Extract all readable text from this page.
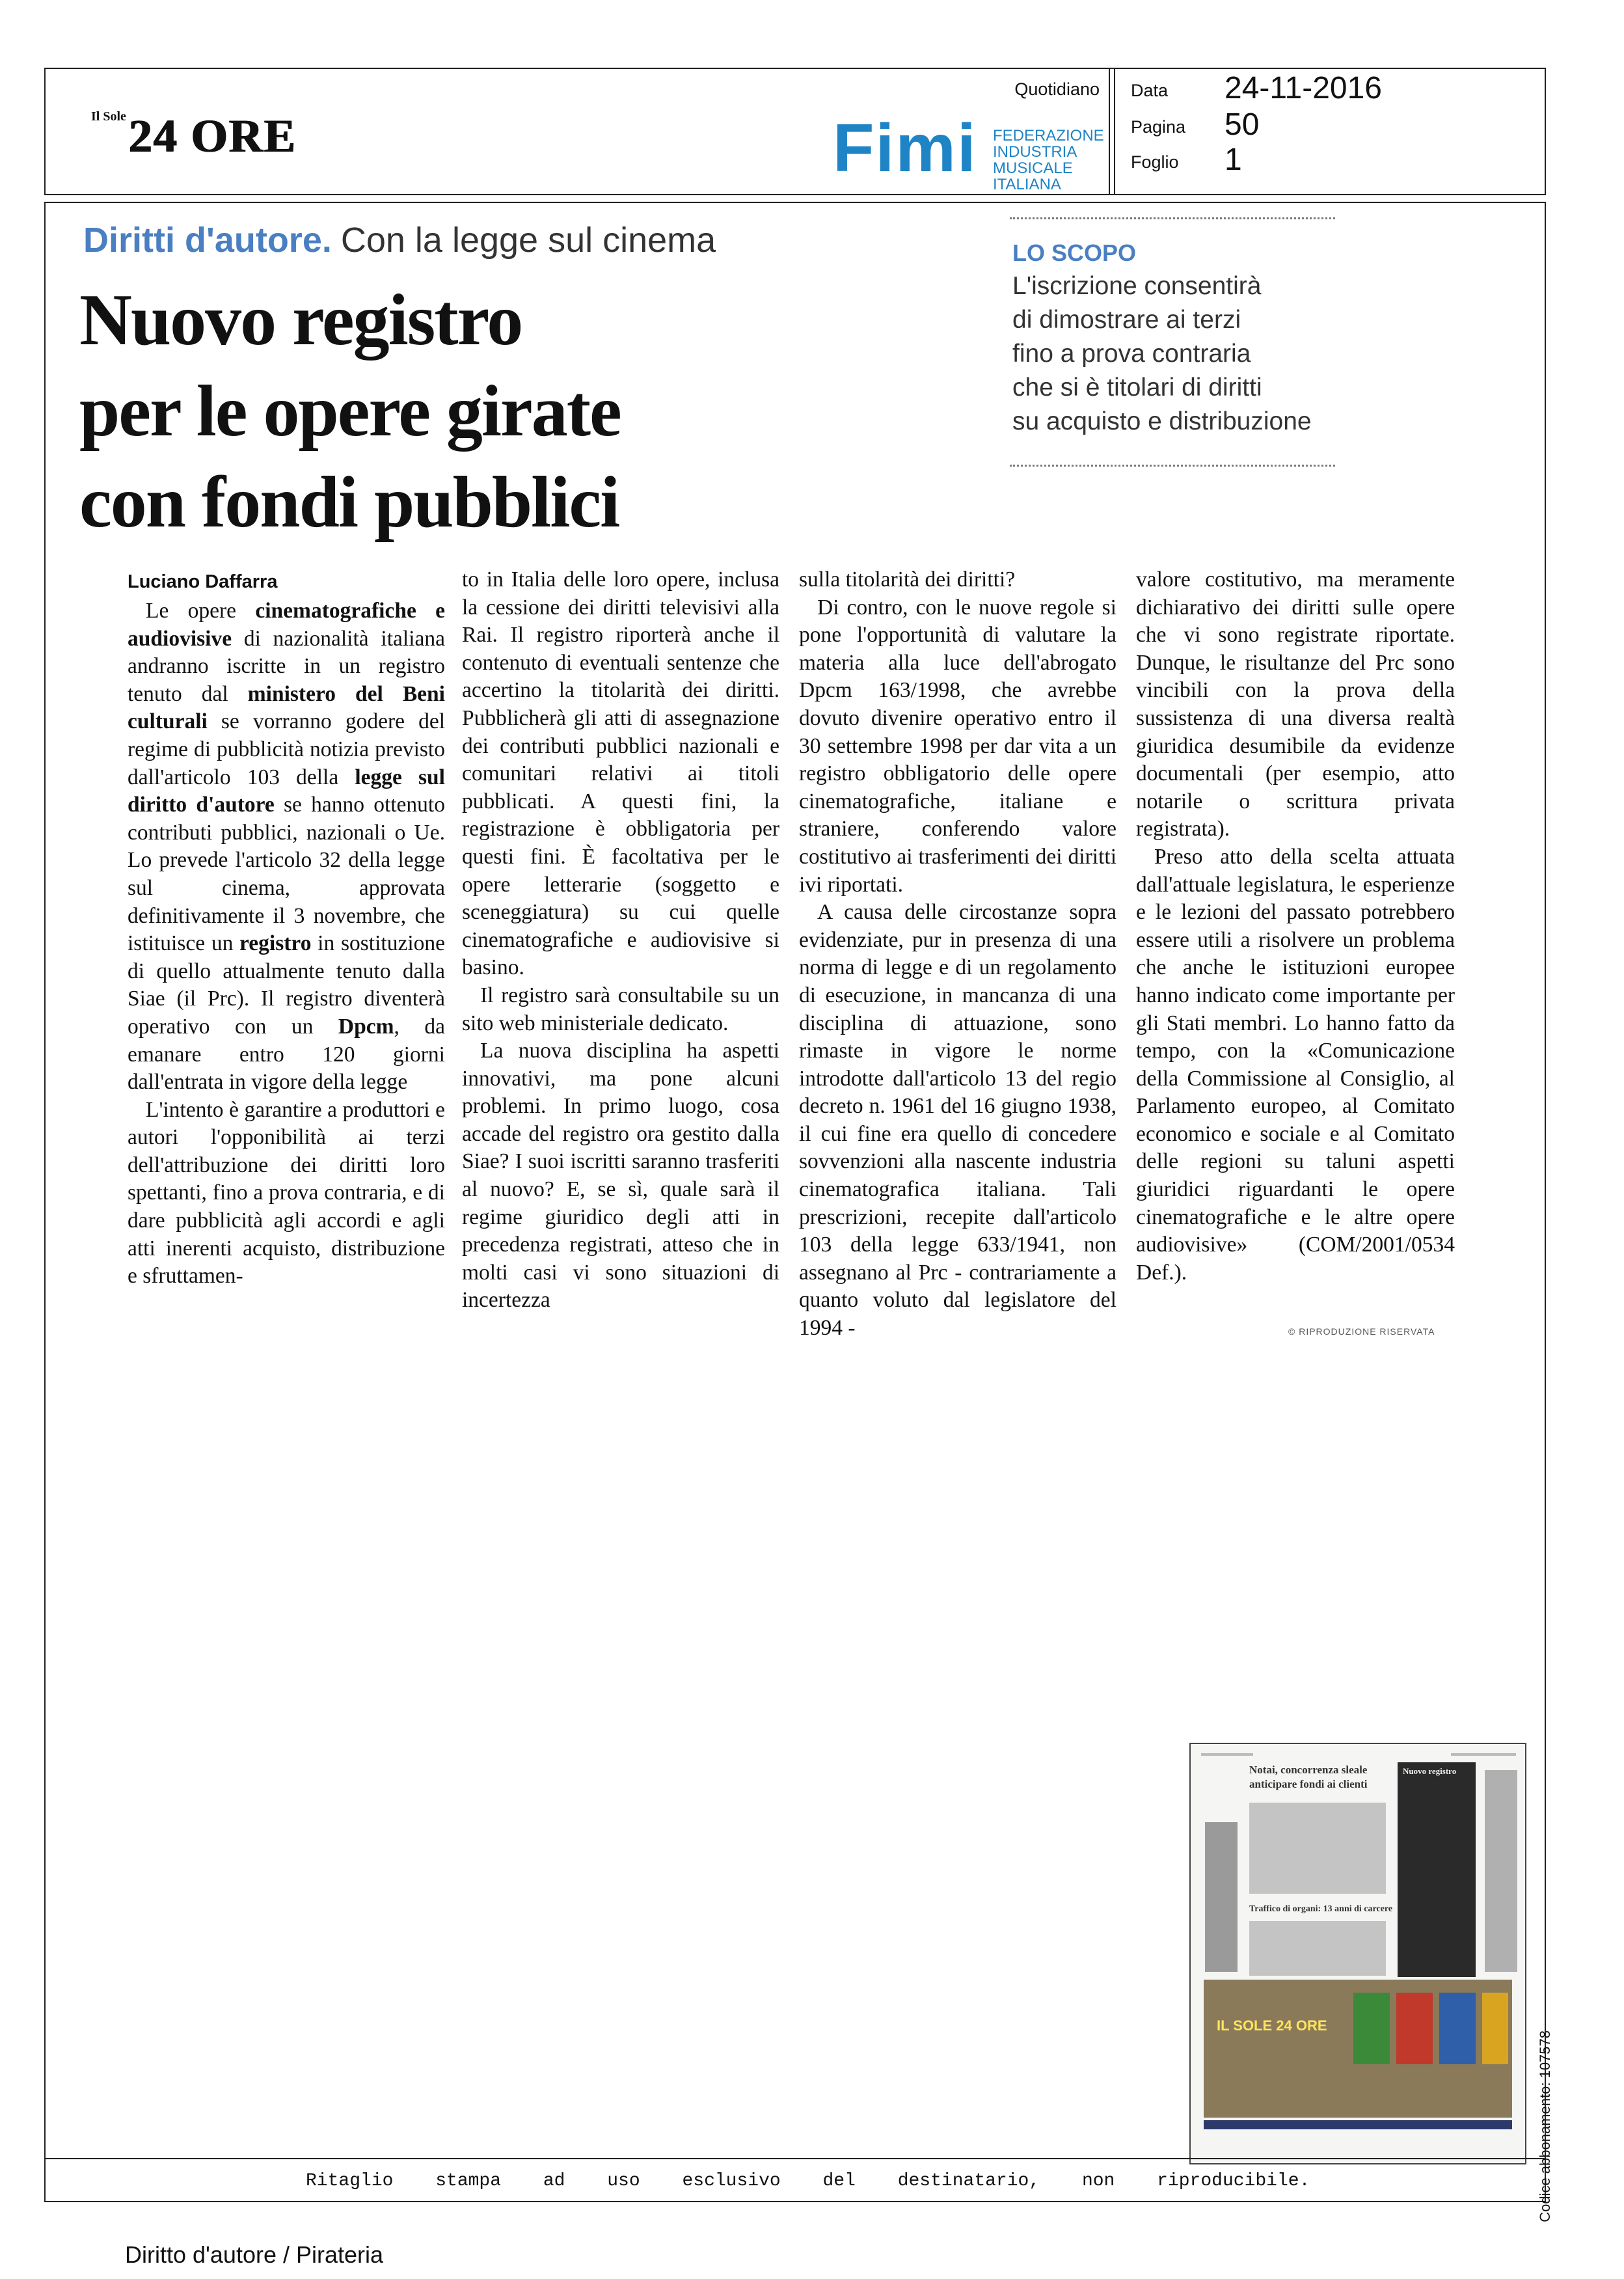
Il Sole24 ORE
Quotidiano
Fimi FEDERAZIONE
INDUSTRIA
MUSICALE
ITALIANA
Data 24-11-2016
Pagina 50
Foglio 1
Diritti d'autore. Con la legge sul cinema
Nuovo registro
per le opere girate
con fondi pubblici
LO SCOPO
L'iscrizione consentirà
di dimostrare ai terzi
fino a prova contraria
che si è titolari di diritti
su acquisto e distribuzione
Luciano Daffarra

Le opere cinematografiche e audiovisive di nazionalità italiana andranno iscritte in un registro tenuto dal ministero del Beni culturali se vorranno godere del regime di pubblicità notizia previsto dall'articolo 103 della legge sul diritto d'autore se hanno ottenuto contributi pubblici, nazionali o Ue. Lo prevede l'articolo 32 della legge sul cinema, approvata definitivamente il 3 novembre, che istituisce un registro in sostituzione di quello attualmente tenuto dalla Siae (il Prc). Il registro diventerà operativo con un Dpcm, da emanare entro 120 giorni dall'entrata in vigore della legge

L'intento è garantire a produttori e autori l'opponibilità ai terzi dell'attribuzione dei diritti loro spettanti, fino a prova contraria, e di dare pubblicità agli accordi e agli atti inerenti acquisto, distribuzione e sfruttamen-

to in Italia delle loro opere, inclusa la cessione dei diritti televisivi alla Rai. Il registro riporterà anche il contenuto di eventuali sentenze che accertino la titolarità dei diritti. Pubblicherà gli atti di assegnazione dei contributi pubblici nazionali e comunitari relativi ai titoli pubblicati. A questi fini, la registrazione è obbligatoria per questi fini. È facoltativa per le opere letterarie (soggetto e sceneggiatura) su cui quelle cinematografiche e audiovisive si basino.

Il registro sarà consultabile su un sito web ministeriale dedicato.

La nuova disciplina ha aspetti innovativi, ma pone alcuni problemi. In primo luogo, cosa accade del registro ora gestito dalla Siae? I suoi iscritti saranno trasferiti al nuovo? E, se sì, quale sarà il regime giuridico degli atti in precedenza registrati, atteso che in molti casi vi sono situazioni di incertezza

sulla titolarità dei diritti?

Di contro, con le nuove regole si pone l'opportunità di valutare la materia alla luce dell'abrogato Dpcm 163/1998, che avrebbe dovuto divenire operativo entro il 30 settembre 1998 per dar vita a un registro obbligatorio delle opere cinematografiche, italiane e straniere, conferendo valore costitutivo ai trasferimenti dei diritti ivi riportati.

A causa delle circostanze sopra evidenziate, pur in presenza di una norma di legge e di un regolamento di esecuzione, in mancanza di una disciplina di attuazione, sono rimaste in vigore le norme introdotte dall'articolo 13 del regio decreto n. 1961 del 16 giugno 1938, il cui fine era quello di concedere sovvenzioni alla nascente industria cinematografica italiana. Tali prescrizioni, recepite dall'articolo 103 della legge 633/1941, non assegnano al Prc - contrariamente a quanto voluto dal legislatore del 1994 -

valore costitutivo, ma meramente dichiarativo dei diritti sulle opere che vi sono registrate riportate. Dunque, le risultanze del Prc sono vincibili con la prova della sussistenza di una diversa realtà giuridica desumibile da evidenze documentali (per esempio, atto notarile o scrittura privata registrata).

Preso atto della scelta attuata dall'attuale legislatura, le esperienze e le lezioni del passato potrebbero essere utili a risolvere un problema che anche le istituzioni europee hanno indicato come importante per gli Stati membri. Lo hanno fatto da tempo, con la «Comunicazione della Commissione al Consiglio, al Parlamento europeo, al Comitato economico e sociale e al Comitato delle regioni su taluni aspetti giuridici riguardanti le opere cinematografiche e le altre opere audiovisive» (COM/2001/0534 Def.).

© RIPRODUZIONE RISERVATA
Notai, concorrenza sleale
anticipare fondi ai clienti
Nuovo registro
Traffico di organi: 13 anni di carcere
IL SOLE 24 ORE
Codice abbonamento: 107578
Ritaglio stampa ad uso esclusivo del destinatario, non riproducibile.
Diritto d'autore / Pirateria
